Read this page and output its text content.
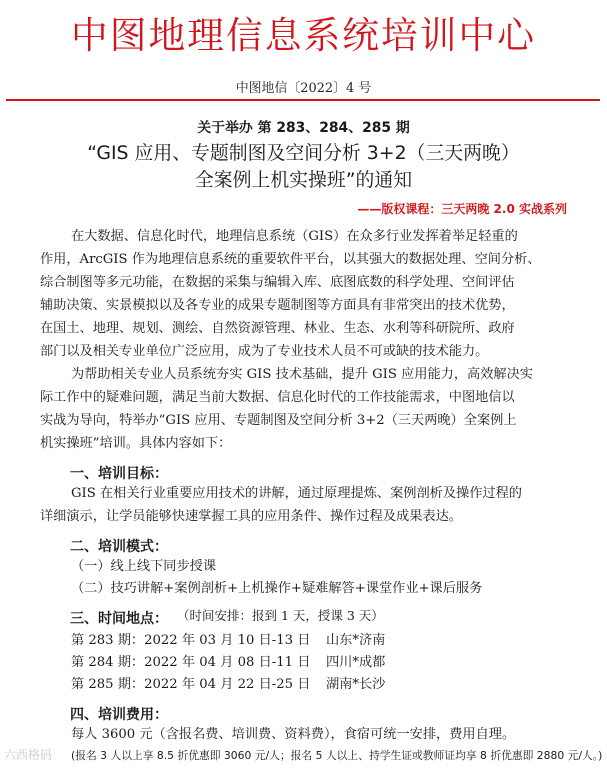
中图地理信息系统培训中心
中图地信〔2022〕4 号
关于举办 第 283、284、285 期
“GIS 应用、专题制图及空间分析 3+2（三天两晚）
全案例上机实操班”的通知
——版权课程：三天两晚 2.0 实战系列
在大数据、信息化时代，地理信息系统（GIS）在众多行业发挥着举足轻重的
作用，ArcGIS 作为地理信息系统的重要软件平台，以其强大的数据处理、空间分析、
综合制图等多元功能，在数据的采集与编辑入库、底图底数的科学处理、空间评估
辅助决策、实景模拟以及各专业的成果专题制图等方面具有非常突出的技术优势，
在国土、地理、规划、测绘、自然资源管理、林业、生态、水利等科研院所、政府
部门以及相关专业单位广泛应用，成为了专业技术人员不可或缺的技术能力。
为帮助相关专业人员系统夯实 GIS 技术基础，提升 GIS 应用能力，高效解决实
际工作中的疑难问题，满足当前大数据、信息化时代的工作技能需求，中图地信以
实战为导向，特举办“GIS 应用、专题制图及空间分析 3+2（三天两晚）全案例上
机实操班”培训。具体内容如下：
一、培训目标：
GIS 在相关行业重要应用技术的讲解，通过原理提炼、案例剖析及操作过程的
详细演示，让学员能够快速掌握工具的应用条件、操作过程及成果表达。
二、培训模式：
（一）线上线下同步授课
（二）技巧讲解+案例剖析+上机操作+疑难解答+课堂作业+课后服务
三、时间地点： （时间安排：报到 1 天，授课 3 天）
第 283 期：2022 年 03 月 10 日-13 日 山东*济南
第 284 期：2022 年 04 月 08 日-11 日 四川*成都
第 285 期：2022 年 04 月 22 日-25 日 湖南*长沙
四、培训费用：
每人 3600 元（含报名费、培训费、资料费），食宿可统一安排，费用自理。
(报名 3 人以上享 8.5 折优惠即 3060 元/人；报名 5 人以上、持学生证或教师证均享 8 折优惠即 2880 元/人。)
六西格码
